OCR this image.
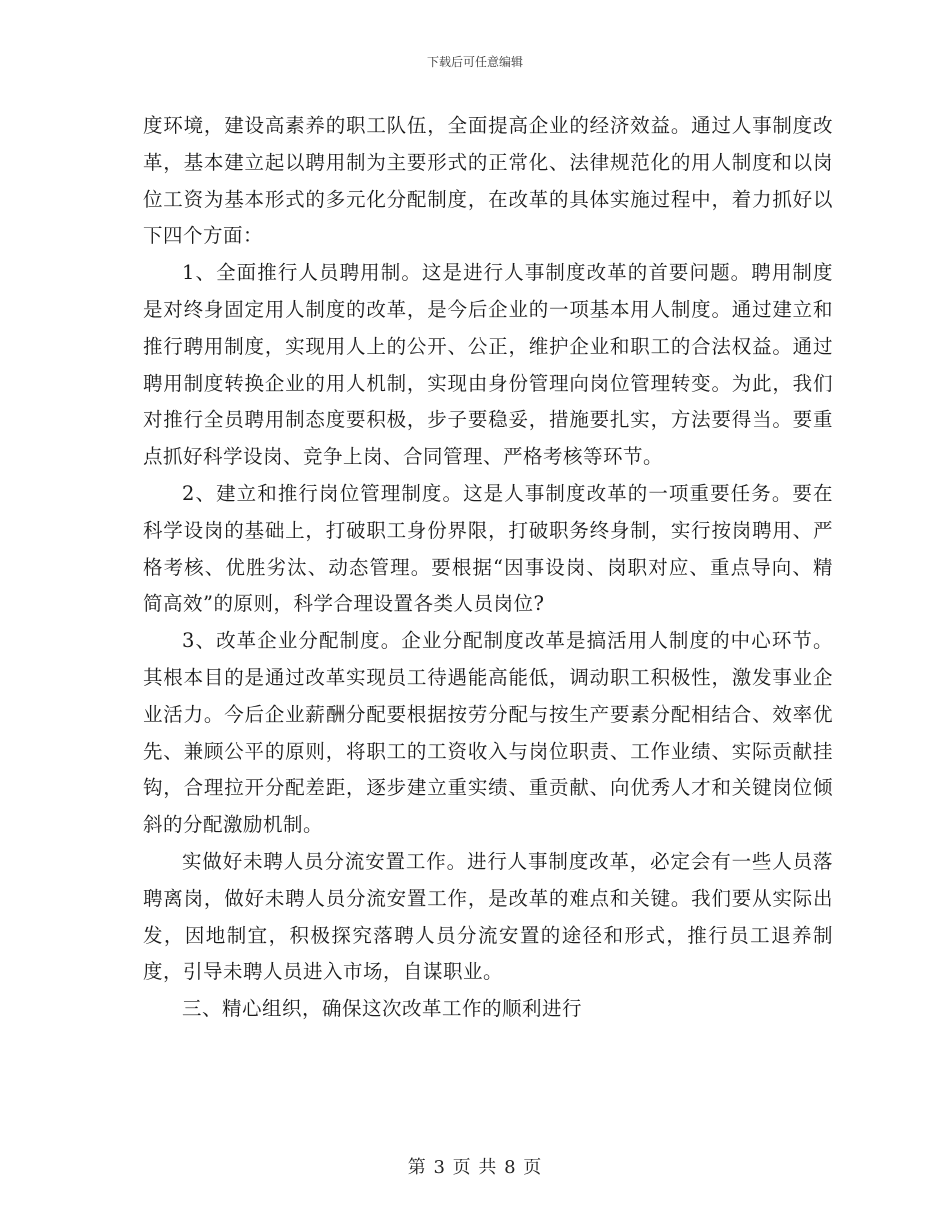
下载后可任意编辑

度环境，建设高素养的职工队伍，全面提高企业的经济效益。通过人事制度改革，基本建立起以聘用制为主要形式的正常化、法律规范化的用人制度和以岗位工资为基本形式的多元化分配制度，在改革的具体实施过程中，着力抓好以下四个方面：

1、全面推行人员聘用制。这是进行人事制度改革的首要问题。聘用制度是对终身固定用人制度的改革，是今后企业的一项基本用人制度。通过建立和推行聘用制度，实现用人上的公开、公正，维护企业和职工的合法权益。通过聘用制度转换企业的用人机制，实现由身份管理向岗位管理转变。为此，我们对推行全员聘用制态度要积极，步子要稳妥，措施要扎实，方法要得当。要重点抓好科学设岗、竞争上岗、合同管理、严格考核等环节。

2、建立和推行岗位管理制度。这是人事制度改革的一项重要任务。要在科学设岗的基础上，打破职工身份界限，打破职务终身制，实行按岗聘用、严格考核、优胜劣汰、动态管理。要根据“因事设岗、岗职对应、重点导向、精简高效”的原则，科学合理设置各类人员岗位?

3、改革企业分配制度。企业分配制度改革是搞活用人制度的中心环节。其根本目的是通过改革实现员工待遇能高能低，调动职工积极性，激发事业企业活力。今后企业薪酬分配要根据按劳分配与按生产要素分配相结合、效率优先、兼顾公平的原则，将职工的工资收入与岗位职责、工作业绩、实际贡献挂钩，合理拉开分配差距，逐步建立重实绩、重贡献、向优秀人才和关键岗位倾斜的分配激励机制。

实做好未聘人员分流安置工作。进行人事制度改革，必定会有一些人员落聘离岗，做好未聘人员分流安置工作，是改革的难点和关键。我们要从实际出发，因地制宜，积极探究落聘人员分流安置的途径和形式，推行员工退养制度，引导未聘人员进入市场，自谋职业。

三、精心组织，确保这次改革工作的顺利进行

第 3 页 共 8 页
